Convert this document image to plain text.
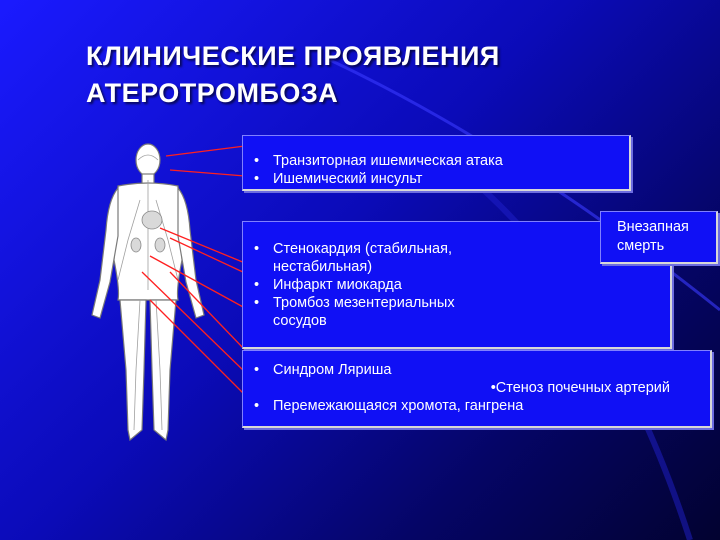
КЛИНИЧЕСКИЕ ПРОЯВЛЕНИЯ
АТЕРОТРОМБОЗА
• Транзиторная ишемическая атака
• Ишемический инсульт
• Стенокардия (стабильная,
нестабильная)
• Инфаркт миокарда
• Тромбоз мезентериальных
сосудов
• Синдром Ляриша
• Стеноз почечных артерий
• Перемежающаяся хромота, гангрена
Внезапная
смерть
